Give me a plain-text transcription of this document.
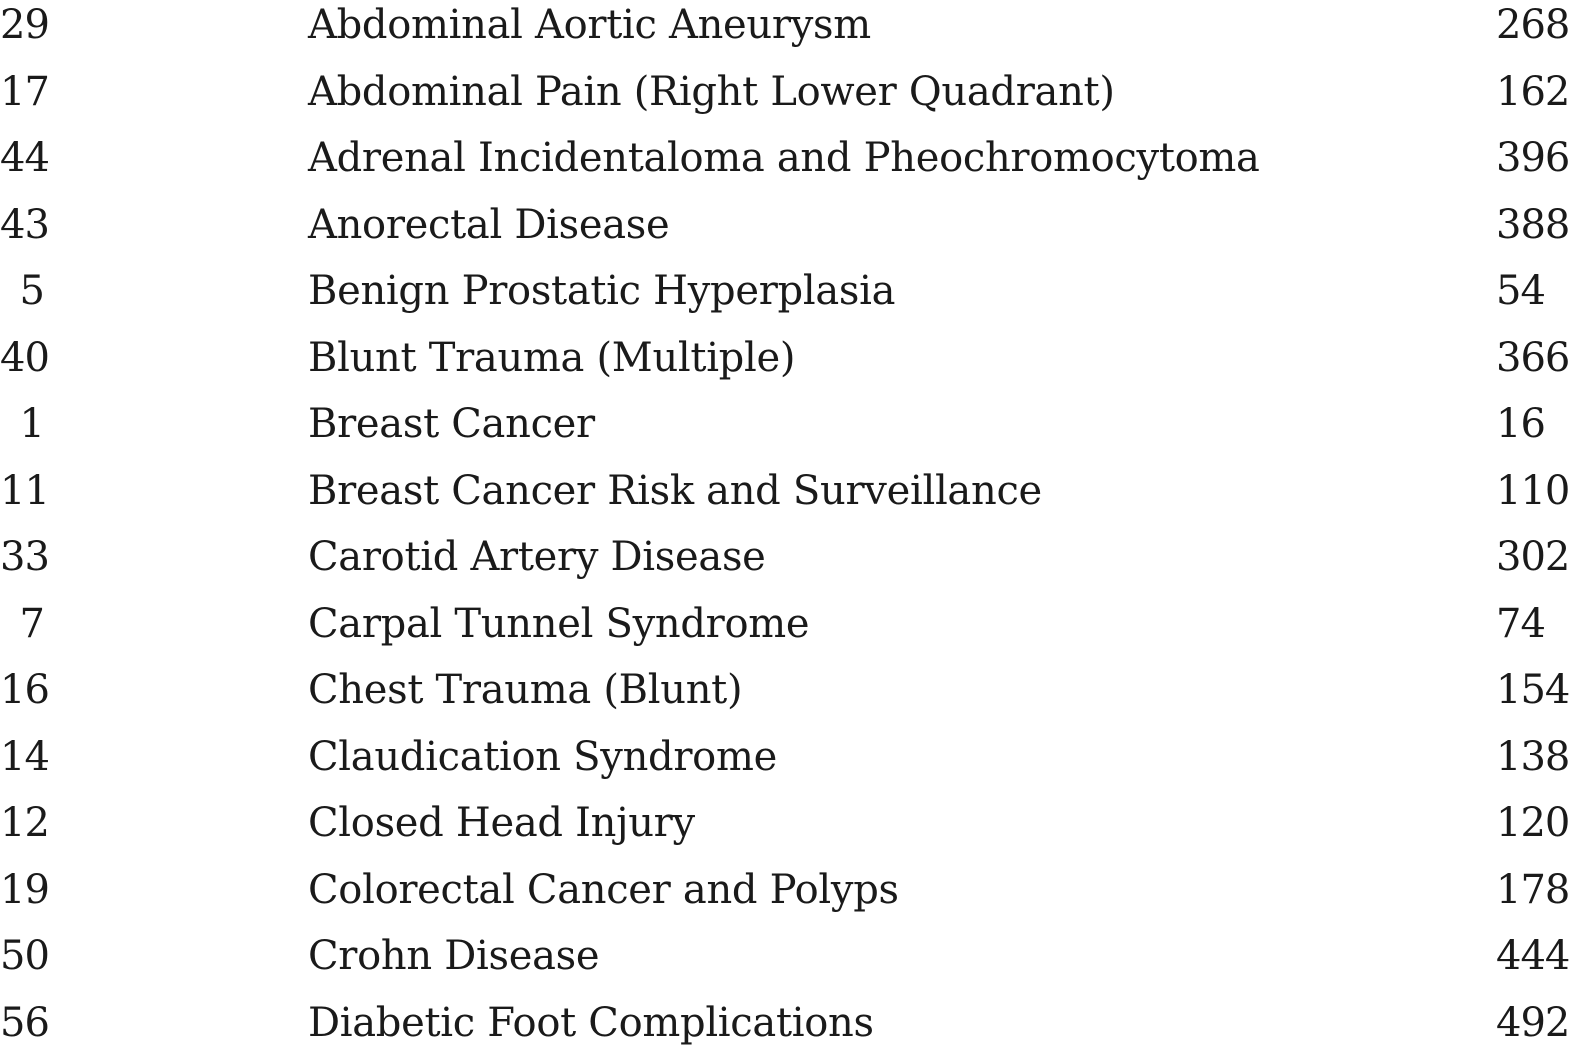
29	Abdominal Aortic Aneurysm	268
17	Abdominal Pain (Right Lower Quadrant)	162
44	Adrenal Incidentaloma and Pheochromocytoma	396
43	Anorectal Disease	388
5	Benign Prostatic Hyperplasia	54
40	Blunt Trauma (Multiple)	366
1	Breast Cancer	16
11	Breast Cancer Risk and Surveillance	110
33	Carotid Artery Disease	302
7	Carpal Tunnel Syndrome	74
16	Chest Trauma (Blunt)	154
14	Claudication Syndrome	138
12	Closed Head Injury	120
19	Colorectal Cancer and Polyps	178
50	Crohn Disease	444
56	Diabetic Foot Complications	492
